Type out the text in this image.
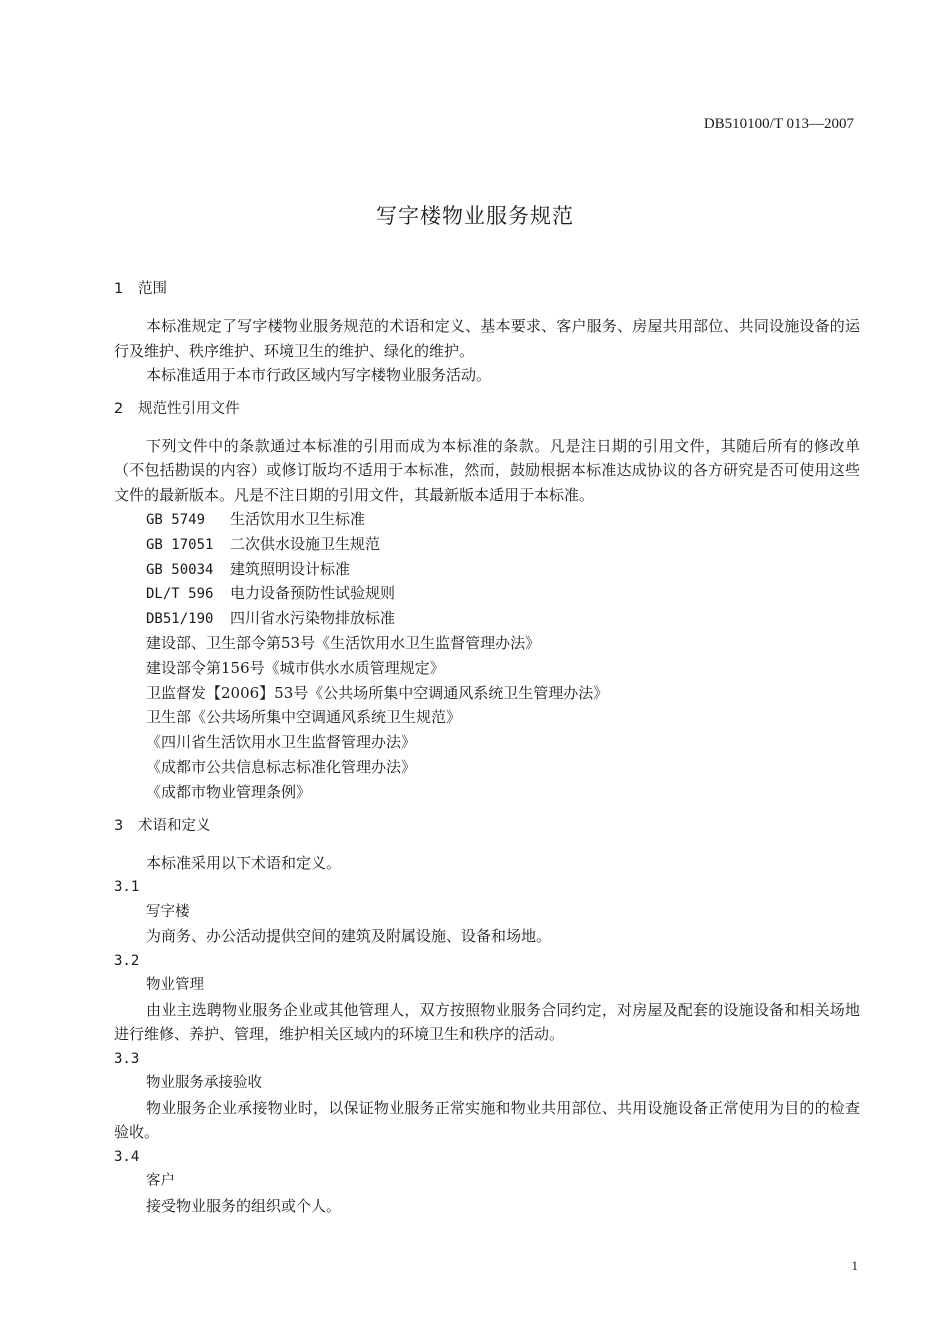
DB510100/T 013—2007
写字楼物业服务规范
1 范围

本标准规定了写字楼物业服务规范的术语和定义、基本要求、客户服务、房屋共用部位、共同设施设备的运行及维护、秩序维护、环境卫生的维护、绿化的维护。

本标准适用于本市行政区域内写字楼物业服务活动。

2 规范性引用文件

下列文件中的条款通过本标准的引用而成为本标准的条款。凡是注日期的引用文件，其随后所有的修改单（不包括勘误的内容）或修订版均不适用于本标准，然而，鼓励根据本标准达成协议的各方研究是否可使用这些文件的最新版本。凡是不注日期的引用文件，其最新版本适用于本标准。

GB 5749 生活饮用水卫生标准
GB 17051 二次供水设施卫生规范
GB 50034 建筑照明设计标准
DL/T 596 电力设备预防性试验规则
DB51/190 四川省水污染物排放标准
建设部、卫生部令第53号《生活饮用水卫生监督管理办法》
建设部令第156号《城市供水水质管理规定》
卫监督发【2006】53号《公共场所集中空调通风系统卫生管理办法》
卫生部《公共场所集中空调通风系统卫生规范》
《四川省生活饮用水卫生监督管理办法》
《成都市公共信息标志标准化管理办法》
《成都市物业管理条例》
3 术语和定义

本标准采用以下术语和定义。

3.1
写字楼

为商务、办公活动提供空间的建筑及附属设施、设备和场地。

3.2
物业管理

由业主选聘物业服务企业或其他管理人，双方按照物业服务合同约定，对房屋及配套的设施设备和相关场地进行维修、养护、管理，维护相关区域内的环境卫生和秩序的活动。

3.3
物业服务承接验收

物业服务企业承接物业时，以保证物业服务正常实施和物业共用部位、共用设施设备正常使用为目的的检查验收。

3.4
客户

接受物业服务的组织或个人。

1
